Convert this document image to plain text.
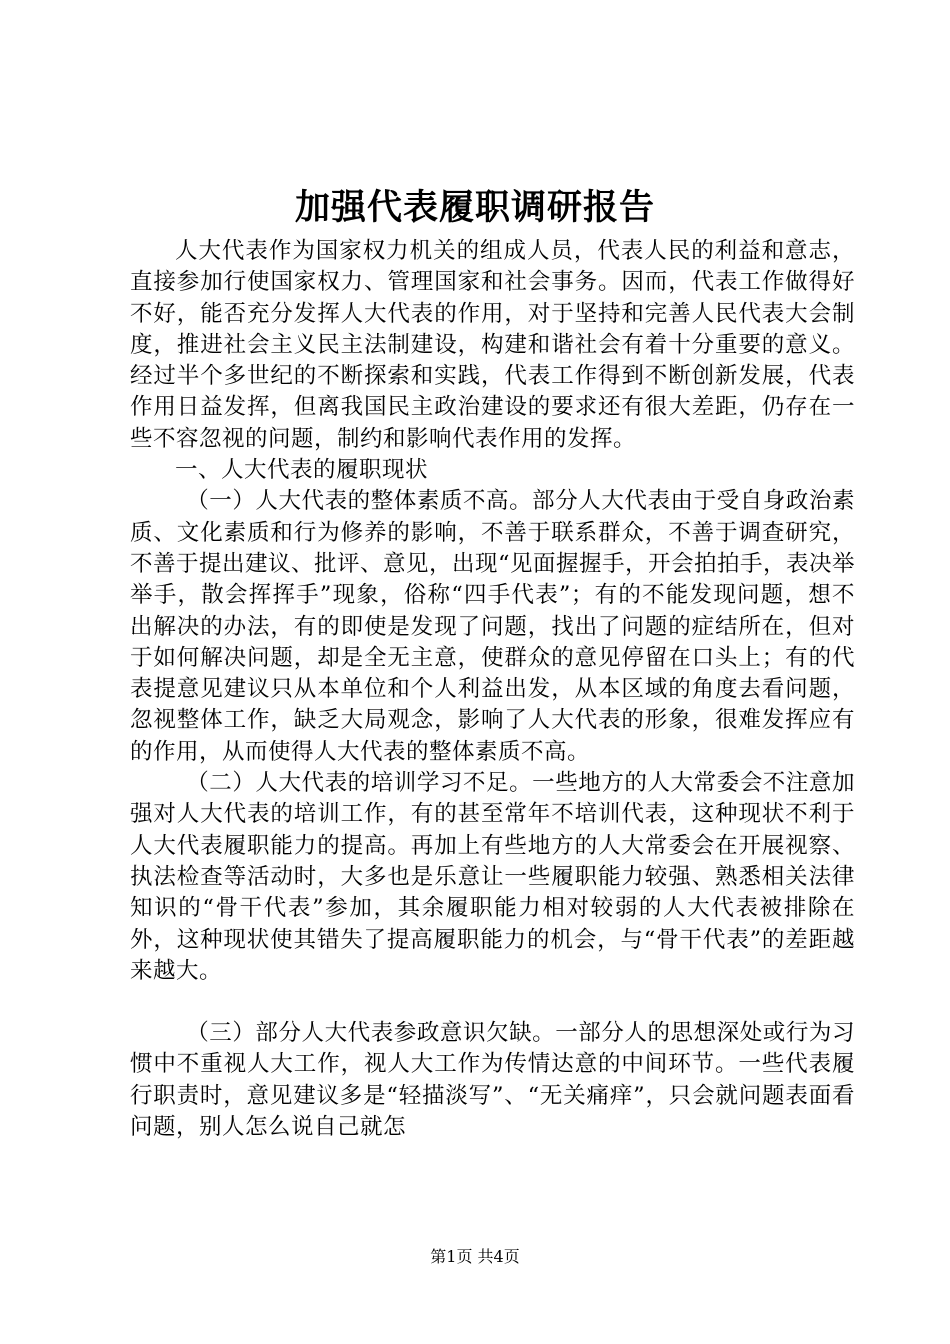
加强代表履职调研报告

人大代表作为国家权力机关的组成人员，代表人民的利益和意志，直接参加行使国家权力、管理国家和社会事务。因而，代表工作做得好不好，能否充分发挥人大代表的作用，对于坚持和完善人民代表大会制度，推进社会主义民主法制建设，构建和谐社会有着十分重要的意义。经过半个多世纪的不断探索和实践，代表工作得到不断创新发展，代表作用日益发挥，但离我国民主政治建设的要求还有很大差距，仍存在一些不容忽视的问题，制约和影响代表作用的发挥。

一、人大代表的履职现状

（一）人大代表的整体素质不高。部分人大代表由于受自身政治素质、文化素质和行为修养的影响，不善于联系群众，不善于调查研究，不善于提出建议、批评、意见，出现“见面握握手，开会拍拍手，表决举举手，散会挥挥手”现象，俗称“四手代表”；有的不能发现问题，想不出解决的办法，有的即使是发现了问题，找出了问题的症结所在，但对于如何解决问题，却是全无主意，使群众的意见停留在口头上；有的代表提意见建议只从本单位和个人利益出发，从本区域的角度去看问题，忽视整体工作，缺乏大局观念，影响了人大代表的形象，很难发挥应有的作用，从而使得人大代表的整体素质不高。

（二）人大代表的培训学习不足。一些地方的人大常委会不注意加强对人大代表的培训工作，有的甚至常年不培训代表，这种现状不利于人大代表履职能力的提高。再加上有些地方的人大常委会在开展视察、执法检查等活动时，大多也是乐意让一些履职能力较强、熟悉相关法律知识的“骨干代表”参加，其余履职能力相对较弱的人大代表被排除在外，这种现状使其错失了提高履职能力的机会，与“骨干代表”的差距越来越大。

（三）部分人大代表参政意识欠缺。一部分人的思想深处或行为习惯中不重视人大工作，视人大工作为传情达意的中间环节。一些代表履行职责时，意见建议多是“轻描淡写”、“无关痛痒”，只会就问题表面看问题，别人怎么说自己就怎

第1页 共4页
